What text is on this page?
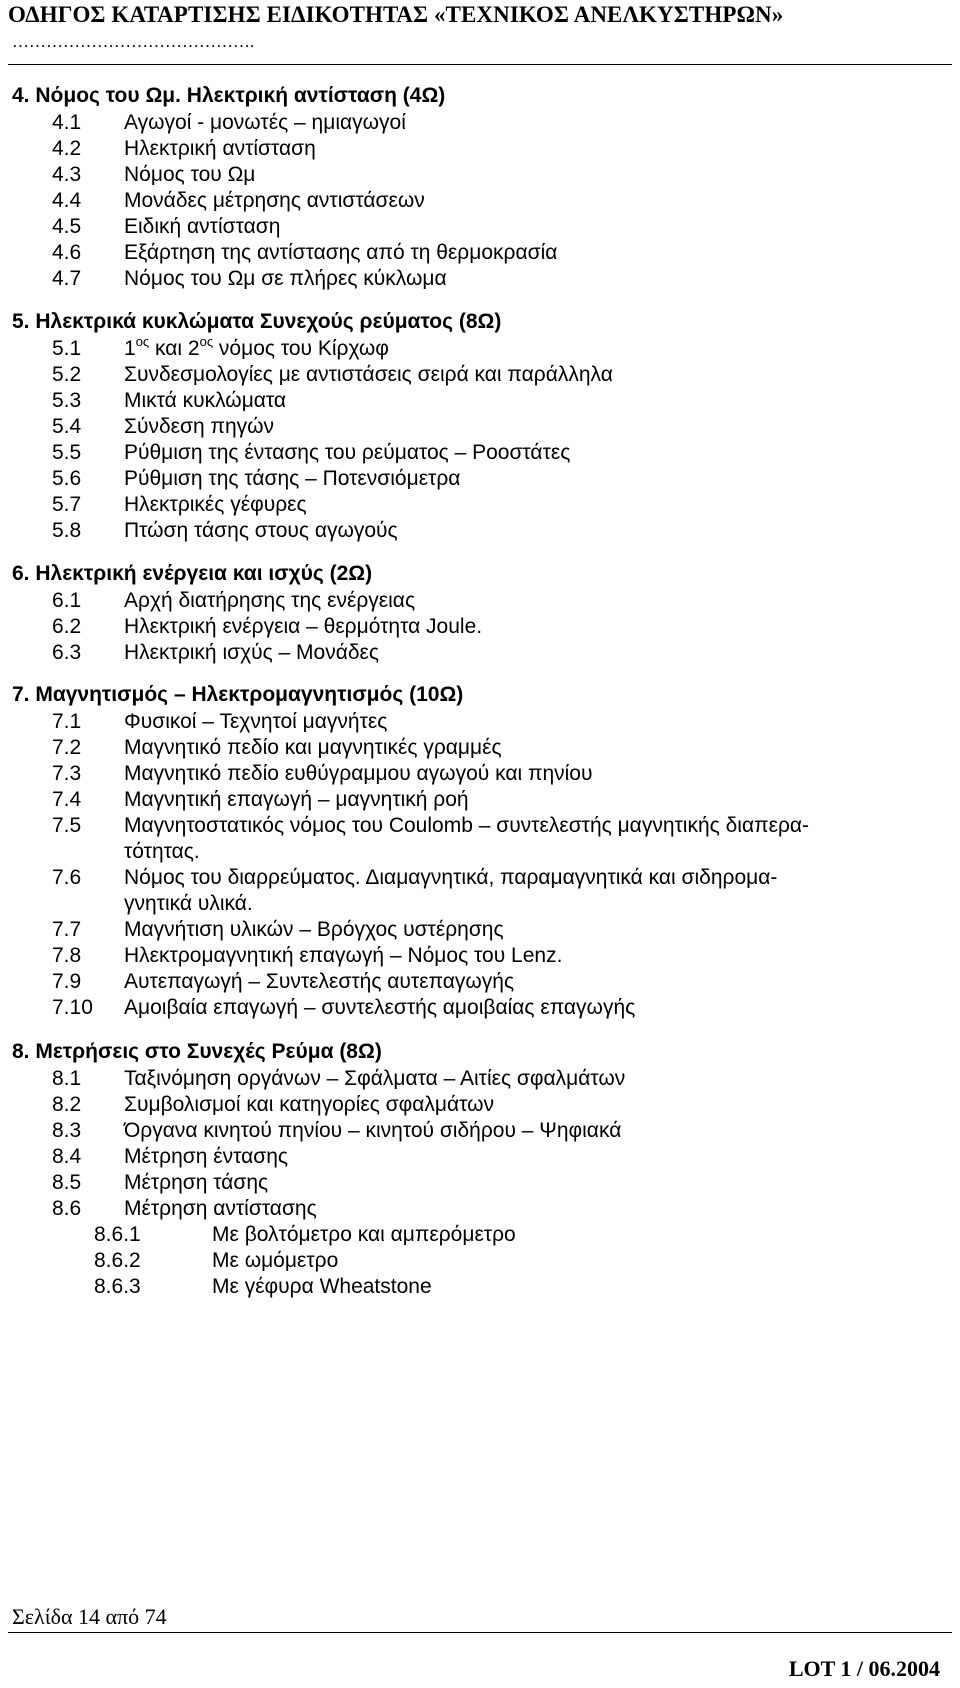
ΟΔΗΓΟΣ ΚΑΤΑΡΤΙΣΗΣ ΕΙΔΙΚΟΤΗΤΑΣ «ΤΕΧΝΙΚΟΣ ΑΝΕΛΚΥΣΤΗΡΩΝ»
…………………………………….
4. Νόμος του Ωμ. Ηλεκτρική αντίσταση (4Ω)
4.1 Αγωγοί - μονωτές – ημιαγωγοί
4.2 Ηλεκτρική αντίσταση
4.3 Νόμος του Ωμ
4.4 Μονάδες μέτρησης αντιστάσεων
4.5 Ειδική αντίσταση
4.6 Εξάρτηση της αντίστασης από τη θερμοκρασία
4.7 Νόμος του Ωμ σε πλήρες κύκλωμα
5. Ηλεκτρικά κυκλώματα Συνεχούς ρεύματος (8Ω)
5.1 $1^{o\varsigma}$ και $2^{o\varsigma}$ νόμος του Κίρχωφ
5.2 Συνδεσμολογίες με αντιστάσεις σειρά και παράλληλα
5.3 Μικτά κυκλώματα
5.4 Σύνδεση πηγών
5.5 Ρύθμιση της έντασης του ρεύματος – Ροοστάτες
5.6 Ρύθμιση της τάσης – Ποτενσιόμετρα
5.7 Ηλεκτρικές γέφυρες
5.8 Πτώση τάσης στους αγωγούς
6. Ηλεκτρική ενέργεια και ισχύς (2Ω)
6.1 Αρχή διατήρησης της ενέργειας
6.2 Ηλεκτρική ενέργεια – θερμότητα Joule.
6.3 Ηλεκτρική ισχύς – Μονάδες
7. Μαγνητισμός – Ηλεκτρομαγνητισμός (10Ω)
7.1 Φυσικοί – Τεχνητοί μαγνήτες
7.2 Μαγνητικό πεδίο και μαγνητικές γραμμές
7.3 Μαγνητικό πεδίο ευθύγραμμου αγωγού και πηνίου
7.4 Μαγνητική επαγωγή – μαγνητική ροή
7.5 Μαγνητοστατικός νόμος του Coulomb – συντελεστής μαγνητικής διαπερα-
τότητας.
7.6 Νόμος του διαρρεύματος. Διαμαγνητικά, παραμαγνητικά και σιδηρομα-
γνητικά υλικά.
7.7 Μαγνήτιση υλικών – Βρόγχος υστέρησης
7.8 Ηλεκτρομαγνητική επαγωγή – Νόμος του Lenz.
7.9 Αυτεπαγωγή – Συντελεστής αυτεπαγωγής
7.10 Αμοιβαία επαγωγή – συντελεστής αμοιβαίας επαγωγής
8. Μετρήσεις στο Συνεχές Ρεύμα (8Ω)
8.1 Ταξινόμηση οργάνων – Σφάλματα – Αιτίες σφαλμάτων
8.2 Συμβολισμοί και κατηγορίες σφαλμάτων
8.3 Όργανα κινητού πηνίου – κινητού σιδήρου – Ψηφιακά
8.4 Μέτρηση έντασης
8.5 Μέτρηση τάσης
8.6 Μέτρηση αντίστασης
8.6.1	Με βολτόμετρο και αμπερόμετρο
8.6.2	Με ωμόμετρο
8.6.3	Με γέφυρα Wheatstone
Σελίδα 14 από 74
LOT 1 / 06.2004
